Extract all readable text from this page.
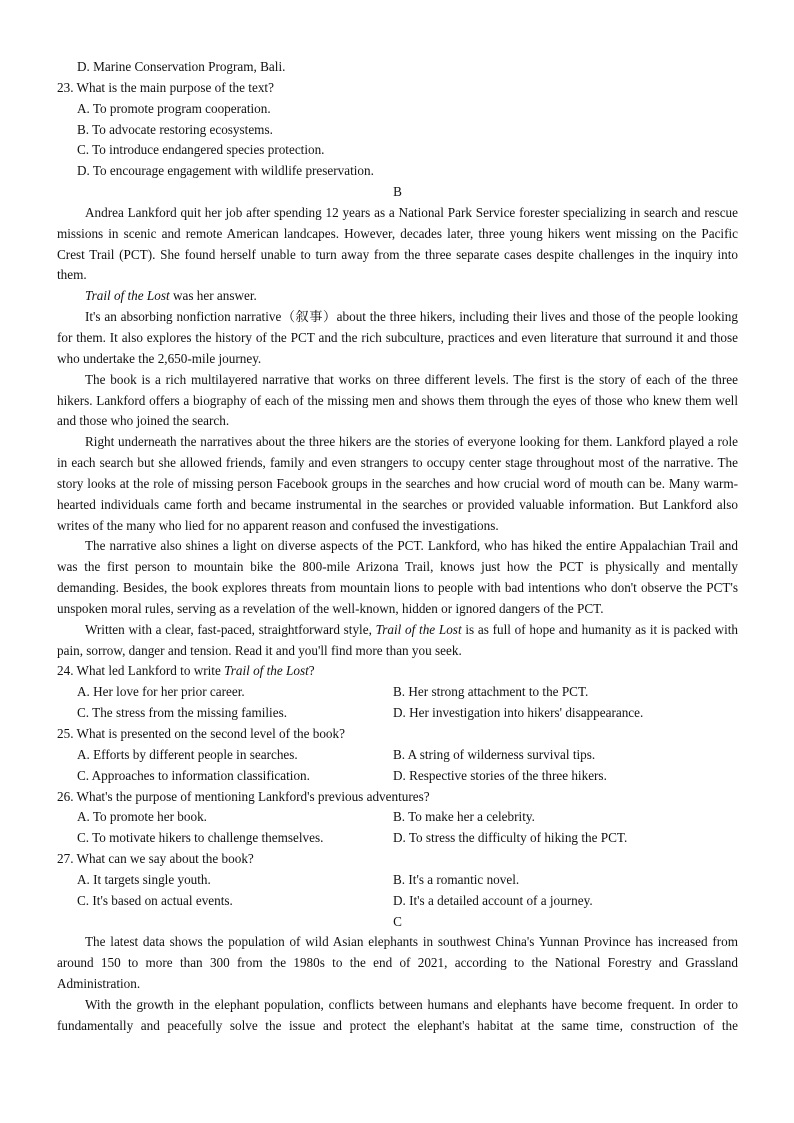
D. Marine Conservation Program, Bali.
23. What is the main purpose of the text?
A. To promote program cooperation.
B. To advocate restoring ecosystems.
C. To introduce endangered species protection.
D. To encourage engagement with wildlife preservation.
B

Andrea Lankford quit her job after spending 12 years as a National Park Service forester specializing in search and rescue missions in scenic and remote American landcapes. However, decades later, three young hikers went missing on the Pacific Crest Trail (PCT). She found herself unable to turn away from the three separate cases despite challenges in the inquiry into them.

Trail of the Lost was her answer.

It's an absorbing nonfiction narrative（叙事）about the three hikers, including their lives and those of the people looking for them. It also explores the history of the PCT and the rich subculture, practices and even literature that surround it and those who undertake the 2,650-mile journey.

The book is a rich multilayered narrative that works on three different levels. The first is the story of each of the three hikers. Lankford offers a biography of each of the missing men and shows them through the eyes of those who knew them well and those who joined the search.

Right underneath the narratives about the three hikers are the stories of everyone looking for them. Lankford played a role in each search but she allowed friends, family and even strangers to occupy center stage throughout most of the narrative. The story looks at the role of missing person Facebook groups in the searches and how crucial word of mouth can be. Many warm-hearted individuals came forth and became instrumental in the searches or provided valuable information. But Lankford also writes of the many who lied for no apparent reason and confused the investigations.

The narrative also shines a light on diverse aspects of the PCT. Lankford, who has hiked the entire Appalachian Trail and was the first person to mountain bike the 800-mile Arizona Trail, knows just how the PCT is physically and mentally demanding. Besides, the book explores threats from mountain lions to people with bad intentions who don't observe the PCT's unspoken moral rules, serving as a revelation of the well-known, hidden or ignored dangers of the PCT.

Written with a clear, fast-paced, straightforward style, Trail of the Lost is as full of hope and humanity as it is packed with pain, sorrow, danger and tension. Read it and you'll find more than you seek.

24. What led Lankford to write Trail of the Lost?
A. Her love for her prior career.	B. Her strong attachment to the PCT.
C. The stress from the missing families.	D. Her investigation into hikers' disappearance.
25. What is presented on the second level of the book?
A. Efforts by different people in searches.	B. A string of wilderness survival tips.
C. Approaches to information classification.	D. Respective stories of the three hikers.
26. What's the purpose of mentioning Lankford's previous adventures?
A. To promote her book.	B. To make her a celebrity.
C. To motivate hikers to challenge themselves.	D. To stress the difficulty of hiking the PCT.
27. What can we say about the book?
A. It targets single youth.	B. It's a romantic novel.
C. It's based on actual events.	D. It's a detailed account of a journey.
C

The latest data shows the population of wild Asian elephants in southwest China's Yunnan Province has increased from around 150 to more than 300 from the 1980s to the end of 2021, according to the National Forestry and Grassland Administration.

With the growth in the elephant population, conflicts between humans and elephants have become frequent. In order to fundamentally and peacefully solve the issue and protect the elephant's habitat at the same time, construction of the
